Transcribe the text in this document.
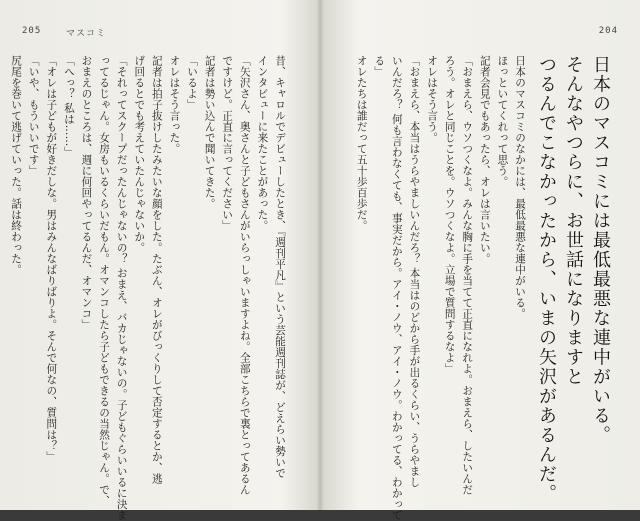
205	マスコミ
昔、キャロルでデビューしたとき、『週刊平凡』という芸能週刊誌が、どえらい勢いで
インタビューに来たことがあった。
「矢沢さん、奥さんと子どもさんがいらっしゃいますよね。全部こちらで裏とってあるん
ですけど。正直に言ってください」
記者は勢い込んで聞いてきた。
「いるよ」
オレはそう言った。
記者は拍子抜けしたみたいな顔をした。たぶん、オレがびっくりして否定するとか、逃
げ回るとでも考えていたんじゃないか。
「それってスクープだったんじゃないの？ おまえ、バカじゃないの。子どもぐらいいるに決ま
ってるじゃん。女房もいるくらいだもん。オマンコしたら子どもできるの当然じゃん。で、
おまえのところは、週に何回やってるんだ、オマンコ」
「へっ？ 私は……」
「オレは子どもが好きだしな。男はみんなばりばりよ。そんで何なの、質問は？」
「いや、もういいです」
尻尾を巻いて逃げていった。話は終わった。
204
日本のマスコミには最低最悪な連中がいる。
そんなやつらに、お世話になりますと
つるんでこなかったから、いまの矢沢があるんだ。
日本のマスコミのなかには、最低最悪な連中がいる。
ほっといてくれって思う。
記者会見でもあったら、オレは言いたい。
「おまえら、ウソつくなよ。みんな胸に手を当てて正直になれよ。おまえら、したいんだ
ろう。オレと同じことを。ウソつくなよ。立場で質問するなよ」
オレはそう言う。
「おまえら、本当はうらやましいんだろ？ 本当はのどから手が出るくらい、うらやまし
いんだろ？ 何も言わなくても、事実だから。アイ・ノウ、アイ・ノウ。わかってる、わかって
る」
オレたちは誰だって五十歩百歩だ。
